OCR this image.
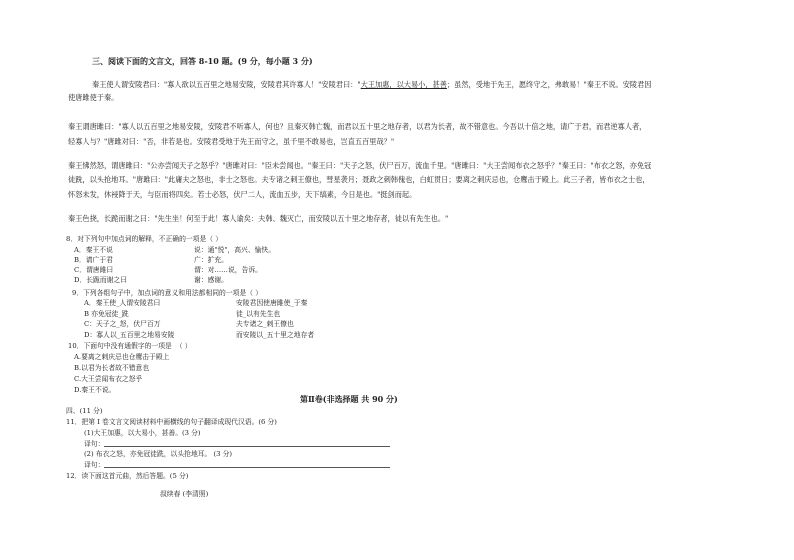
三、阅读下面的文言文，回答 8-10 题。(9 分，每小题 3 分)
秦王使人谓安陵君曰："寡人欲以五百里之地易安陵，安陵君其许寡人！"安陵君曰："大王加惠，以大易小，甚善；虽然，受地于先王，愿终守之，弗敢易！"秦王不说。安陵君因
使唐雎使于秦。
秦王谓唐雎曰："寡人以五百里之地易安陵，安陵君不听寡人，何也？且秦灭韩亡魏，而君以五十里之地存者，以君为长者，故不错意也。今吾以十倍之地，请广于君，而君逆寡人者，
轻寡人与？"唐雎对曰："否，非若是也。安陵君受地于先王而守之，虽千里不敢易也，岂直五百里哉？"
秦王怫然怒，谓唐雎曰："公亦尝闻天子之怒乎？"唐雎对曰："臣未尝闻也。"秦王曰："天子之怒，伏尸百万，流血千里。"唐雎曰："大王尝闻布衣之怒乎？"秦王曰："布衣之怒，亦免冠
徒跣，以头抢地耳。"唐雎曰："此庸夫之怒也，非士之怒也。夫专诸之刺王僚也，彗星袭月；聂政之刺韩傀也，白虹贯日；要离之刺庆忌也，仓鹰击于殿上。此三子者，皆布衣之士也，
怀怒未发，休祲降于天，与臣而将四矣。若士必怒，伏尸二人，流血五步，天下缟素，今日是也。"挺剑而起。
秦王色挠，长跪而谢之曰："先生坐！何至于此！寡人谕矣：夫韩、魏灭亡，而安陵以五十里之地存者，徒以有先生也。"
8．对下列句中加点词的解释，不正确的一项是（ ）
A．秦王不说	说：通"悦"，高兴、愉快。
B．请广于君	广：扩充。
C．谓唐雎曰	谓：对……说，告诉。
D．长跪而谢之曰	谢：感谢。
9．下列各组句子中，加点词的意义和用法都相同的一项是（ ）
A．秦王使_人谓安陵君曰	安陵君因使唐雎使_于秦
B 亦免冠徒_跣	徒_以有先生也
C：天子之_怒，伏尸百万	夫专诸之_刺王僚也
D：寡人以_五百里之地易安陵	而安陵以_五十里之地存者
10．下面句中没有通假字的一项是 （ ）
A.要离之刺庆忌也仓鹰击于殿上
B.以君为长者故不错意也
C.大王尝闻布衣之怒乎
D.秦王不说。
第Ⅱ卷(非选择题 共 90 分)
四、(11 分)
11．把第 I 卷文言文阅读材料中画横线的句子翻译成现代汉语。(6 分)
(1)大王加惠，以大易小，甚善。(3 分)
译句：
(2) 布衣之怒，亦免冠徒跣，以头抢地耳。 (3 分)
译句：
12．读下面这首元曲，然后答题。(5 分)
叔续春 (李清照)
